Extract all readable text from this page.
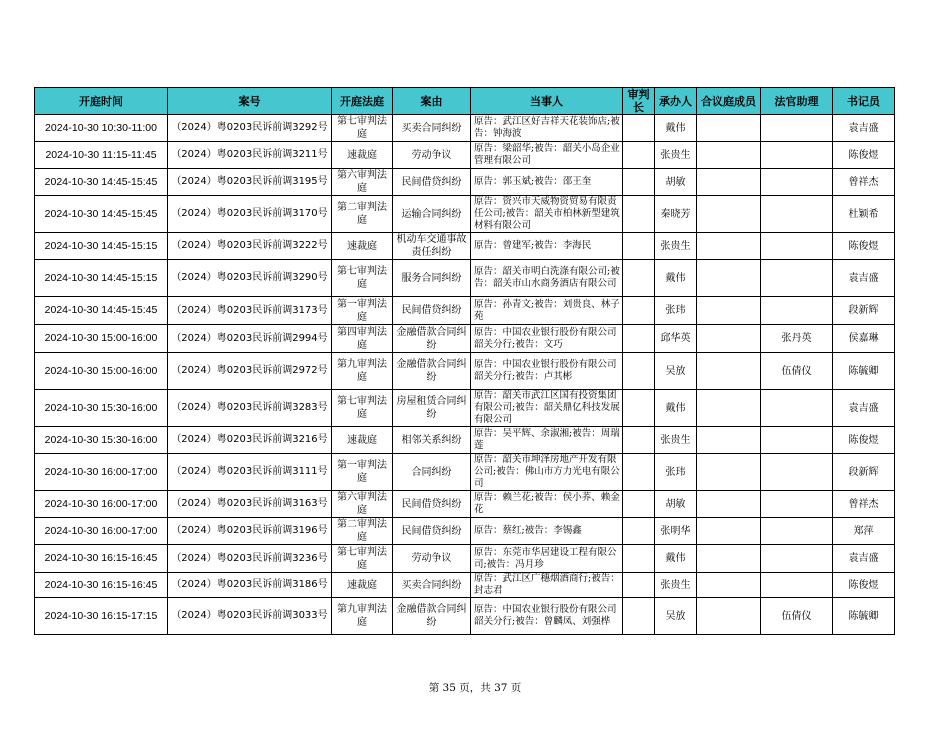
开庭时间	案号	开庭法庭	案由	当事人	审判长	承办人	合议庭成员	法官助理	书记员
2024-10-30 10:30-11:00	（2024）粤0203民诉前调3292号	第七审判法庭	买卖合同纠纷	原告：武江区好吉祥天花装饰店;被告：钟海波		戴伟			袁吉盛
2024-10-30 11:15-11:45	（2024）粤0203民诉前调3211号	速裁庭	劳动争议	原告：梁韶华;被告：韶关小岛企业管理有限公司		张贵生			陈俊煜
2024-10-30 14:45-15:45	（2024）粤0203民诉前调3195号	第六审判法庭	民间借贷纠纷	原告：郭玉斌;被告：邵王奎		胡敏			曾祥杰
2024-10-30 14:45-15:45	（2024）粤0203民诉前调3170号	第二审判法庭	运输合同纠纷	原告：资兴市天威物资贸易有限责任公司;被告：韶关市柏林新型建筑材料有限公司		秦晓芳			杜颖希
2024-10-30 14:45-15:15	（2024）粤0203民诉前调3222号	速裁庭	机动车交通事故责任纠纷	原告：曾建军;被告：李海民		张贵生			陈俊煜
2024-10-30 14:45-15:15	（2024）粤0203民诉前调3290号	第七审判法庭	服务合同纠纷	原告：韶关市明白洗涤有限公司;被告：韶关市山水商务酒店有限公司		戴伟			袁吉盛
2024-10-30 14:45-15:45	（2024）粤0203民诉前调3173号	第一审判法庭	民间借贷纠纷	原告：孙青文;被告：刘贵良、林子苑		张玮			段新辉
2024-10-30 15:00-16:00	（2024）粤0203民诉前调2994号	第四审判法庭	金融借款合同纠纷	原告：中国农业银行股份有限公司韶关分行;被告：文巧		邱华英		张丹英	侯嘉琳
2024-10-30 15:00-16:00	（2024）粤0203民诉前调2972号	第九审判法庭	金融借款合同纠纷	原告：中国农业银行股份有限公司韶关分行;被告：卢其彬		吴放		伍倩仪	陈毓卿
2024-10-30 15:30-16:00	（2024）粤0203民诉前调3283号	第七审判法庭	房屋租赁合同纠纷	原告：韶关市武江区国有投资集团有限公司;被告：韶关鼎亿科技发展有限公司		戴伟			袁吉盛
2024-10-30 15:30-16:00	（2024）粤0203民诉前调3216号	速裁庭	相邻关系纠纷	原告：吴平辉、余淑湘;被告：周瑞莲		张贵生			陈俊煜
2024-10-30 16:00-17:00	（2024）粤0203民诉前调3111号	第一审判法庭	合同纠纷	原告：韶关市坤泽房地产开发有限公司;被告：佛山市方力光电有限公司		张玮			段新辉
2024-10-30 16:00-17:00	（2024）粤0203民诉前调3163号	第六审判法庭	民间借贷纠纷	原告：赖兰花;被告：侯小荞、赖金花		胡敏			曾祥杰
2024-10-30 16:00-17:00	（2024）粤0203民诉前调3196号	第二审判法庭	民间借贷纠纷	原告：蔡红;被告：李锡鑫		张明华			郑萍
2024-10-30 16:15-16:45	（2024）粤0203民诉前调3236号	第七审判法庭	劳动争议	原告：东莞市华居建设工程有限公司;被告：冯月珍		戴伟			袁吉盛
2024-10-30 16:15-16:45	（2024）粤0203民诉前调3186号	速裁庭	买卖合同纠纷	原告：武江区广穗烟酒商行;被告：封志君		张贵生			陈俊煜
2024-10-30 16:15-17:15	（2024）粤0203民诉前调3033号	第九审判法庭	金融借款合同纠纷	原告：中国农业银行股份有限公司韶关分行;被告：曾麟凤、刘强桦		吴放		伍倩仪	陈毓卿
第 35 页，共 37 页
